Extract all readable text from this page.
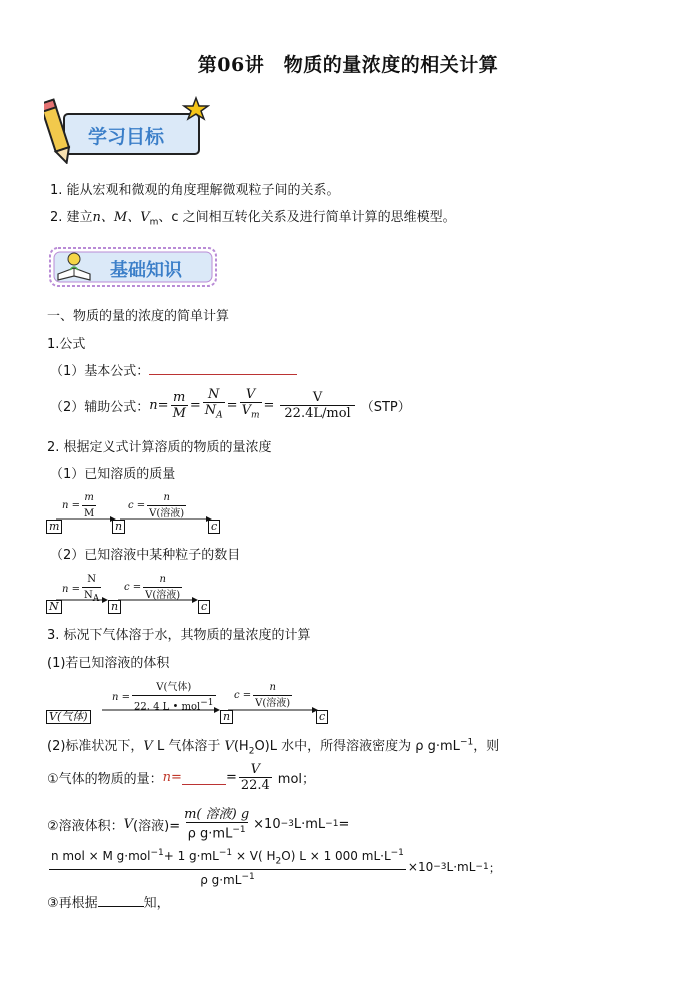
第06讲　物质的量浓度的相关计算
学习目标
1. 能从宏观和微观的角度理解微观粒子间的关系。
2. 建立n、M、$V_m$、c 之间相互转化关系及进行简单计算的思维模型。
基础知识
一、物质的量的浓度的简单计算
1.公式
（1）基本公式：
（2）辅助公式： $n = \frac{m}{M} = \frac{N}{N_A} = \frac{V}{V_m} = \frac{V}{\text{22.4L/mol}} (STP)$
2. 根据定义式计算溶质的物质的量浓度
（1）已知溶质的质量
$n = \frac{m}{M}$	$c = \frac{n}{\text{V(溶液)}}$
m	n	c
（2）已知溶液中某种粒子的数目
$n = \frac{N}{N_A}$ $c = \frac{n}{\text{V(溶液)}}$
N	n	c
3. 标况下气体溶于水，其物质的量浓度的计算
(1)若已知溶液的体积
$n = \frac{\text{V(气体)}}{22. 4 L • mol^{-1}}$ $c = \frac{n}{\text{V(溶液)}}$
V(气体)	n	c
(2)标准状况下，V L 气体溶于 $V(H_2O)L$ 水中，所得溶液密度为 ρ $g\cdot mL^{-1}$，则
①气体的物质的量： n =	= $\frac{V}{22.4}$ mol；
②溶液体积： V (溶液)= $\frac{\text{m( 溶液) g}}{\rho g\cdot mL^{-1}} \times 10 -3$ L·mL −1 =
$\frac{n mol \times M g\cdot mol^{-1}+ 1 g\cdot mL^{-1} \times V( H_2O) L \times 1 000 mL\cdot L^{-1}}{\rho g\cdot mL^{-1}} \times 10 -3$ L·mL −1 ；
③再根据	知，
